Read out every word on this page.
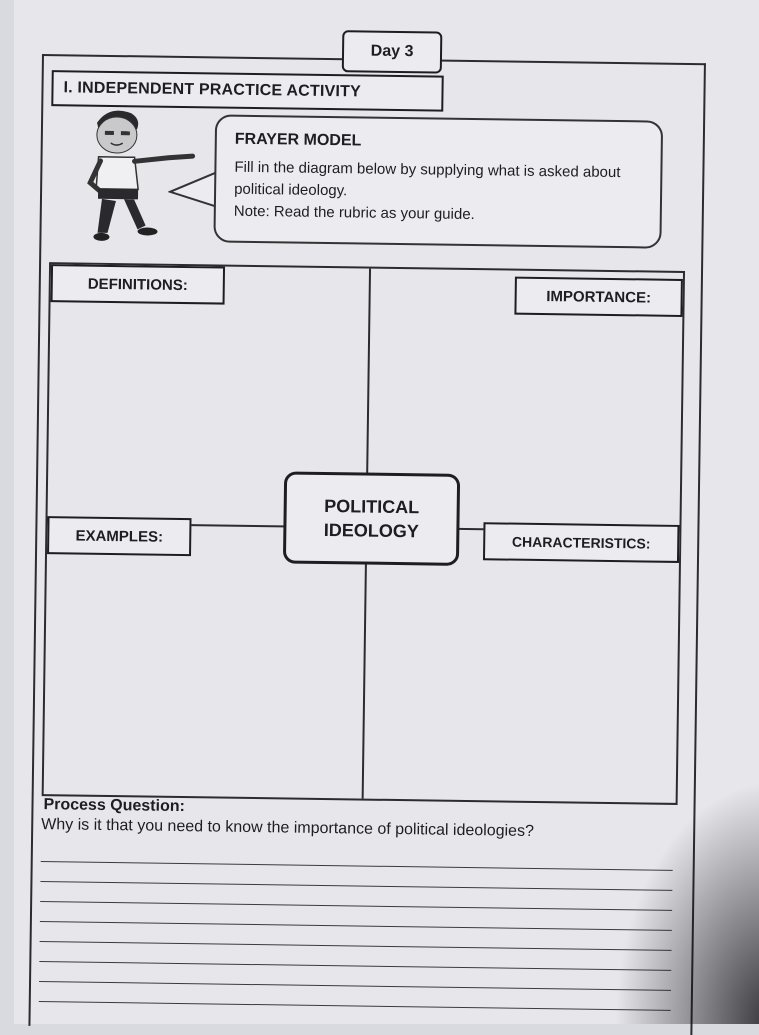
Day 3
I. INDEPENDENT PRACTICE ACTIVITY
FRAYER MODEL

Fill in the diagram below by supplying what is asked about political ideology.

Note: Read the rubric as your guide.

DEFINITIONS:
IMPORTANCE:
EXAMPLES:	CHARACTERISTICS:
POLITICAL
IDEOLOGY
Process Question:

Why is it that you need to know the importance of political ideologies?
